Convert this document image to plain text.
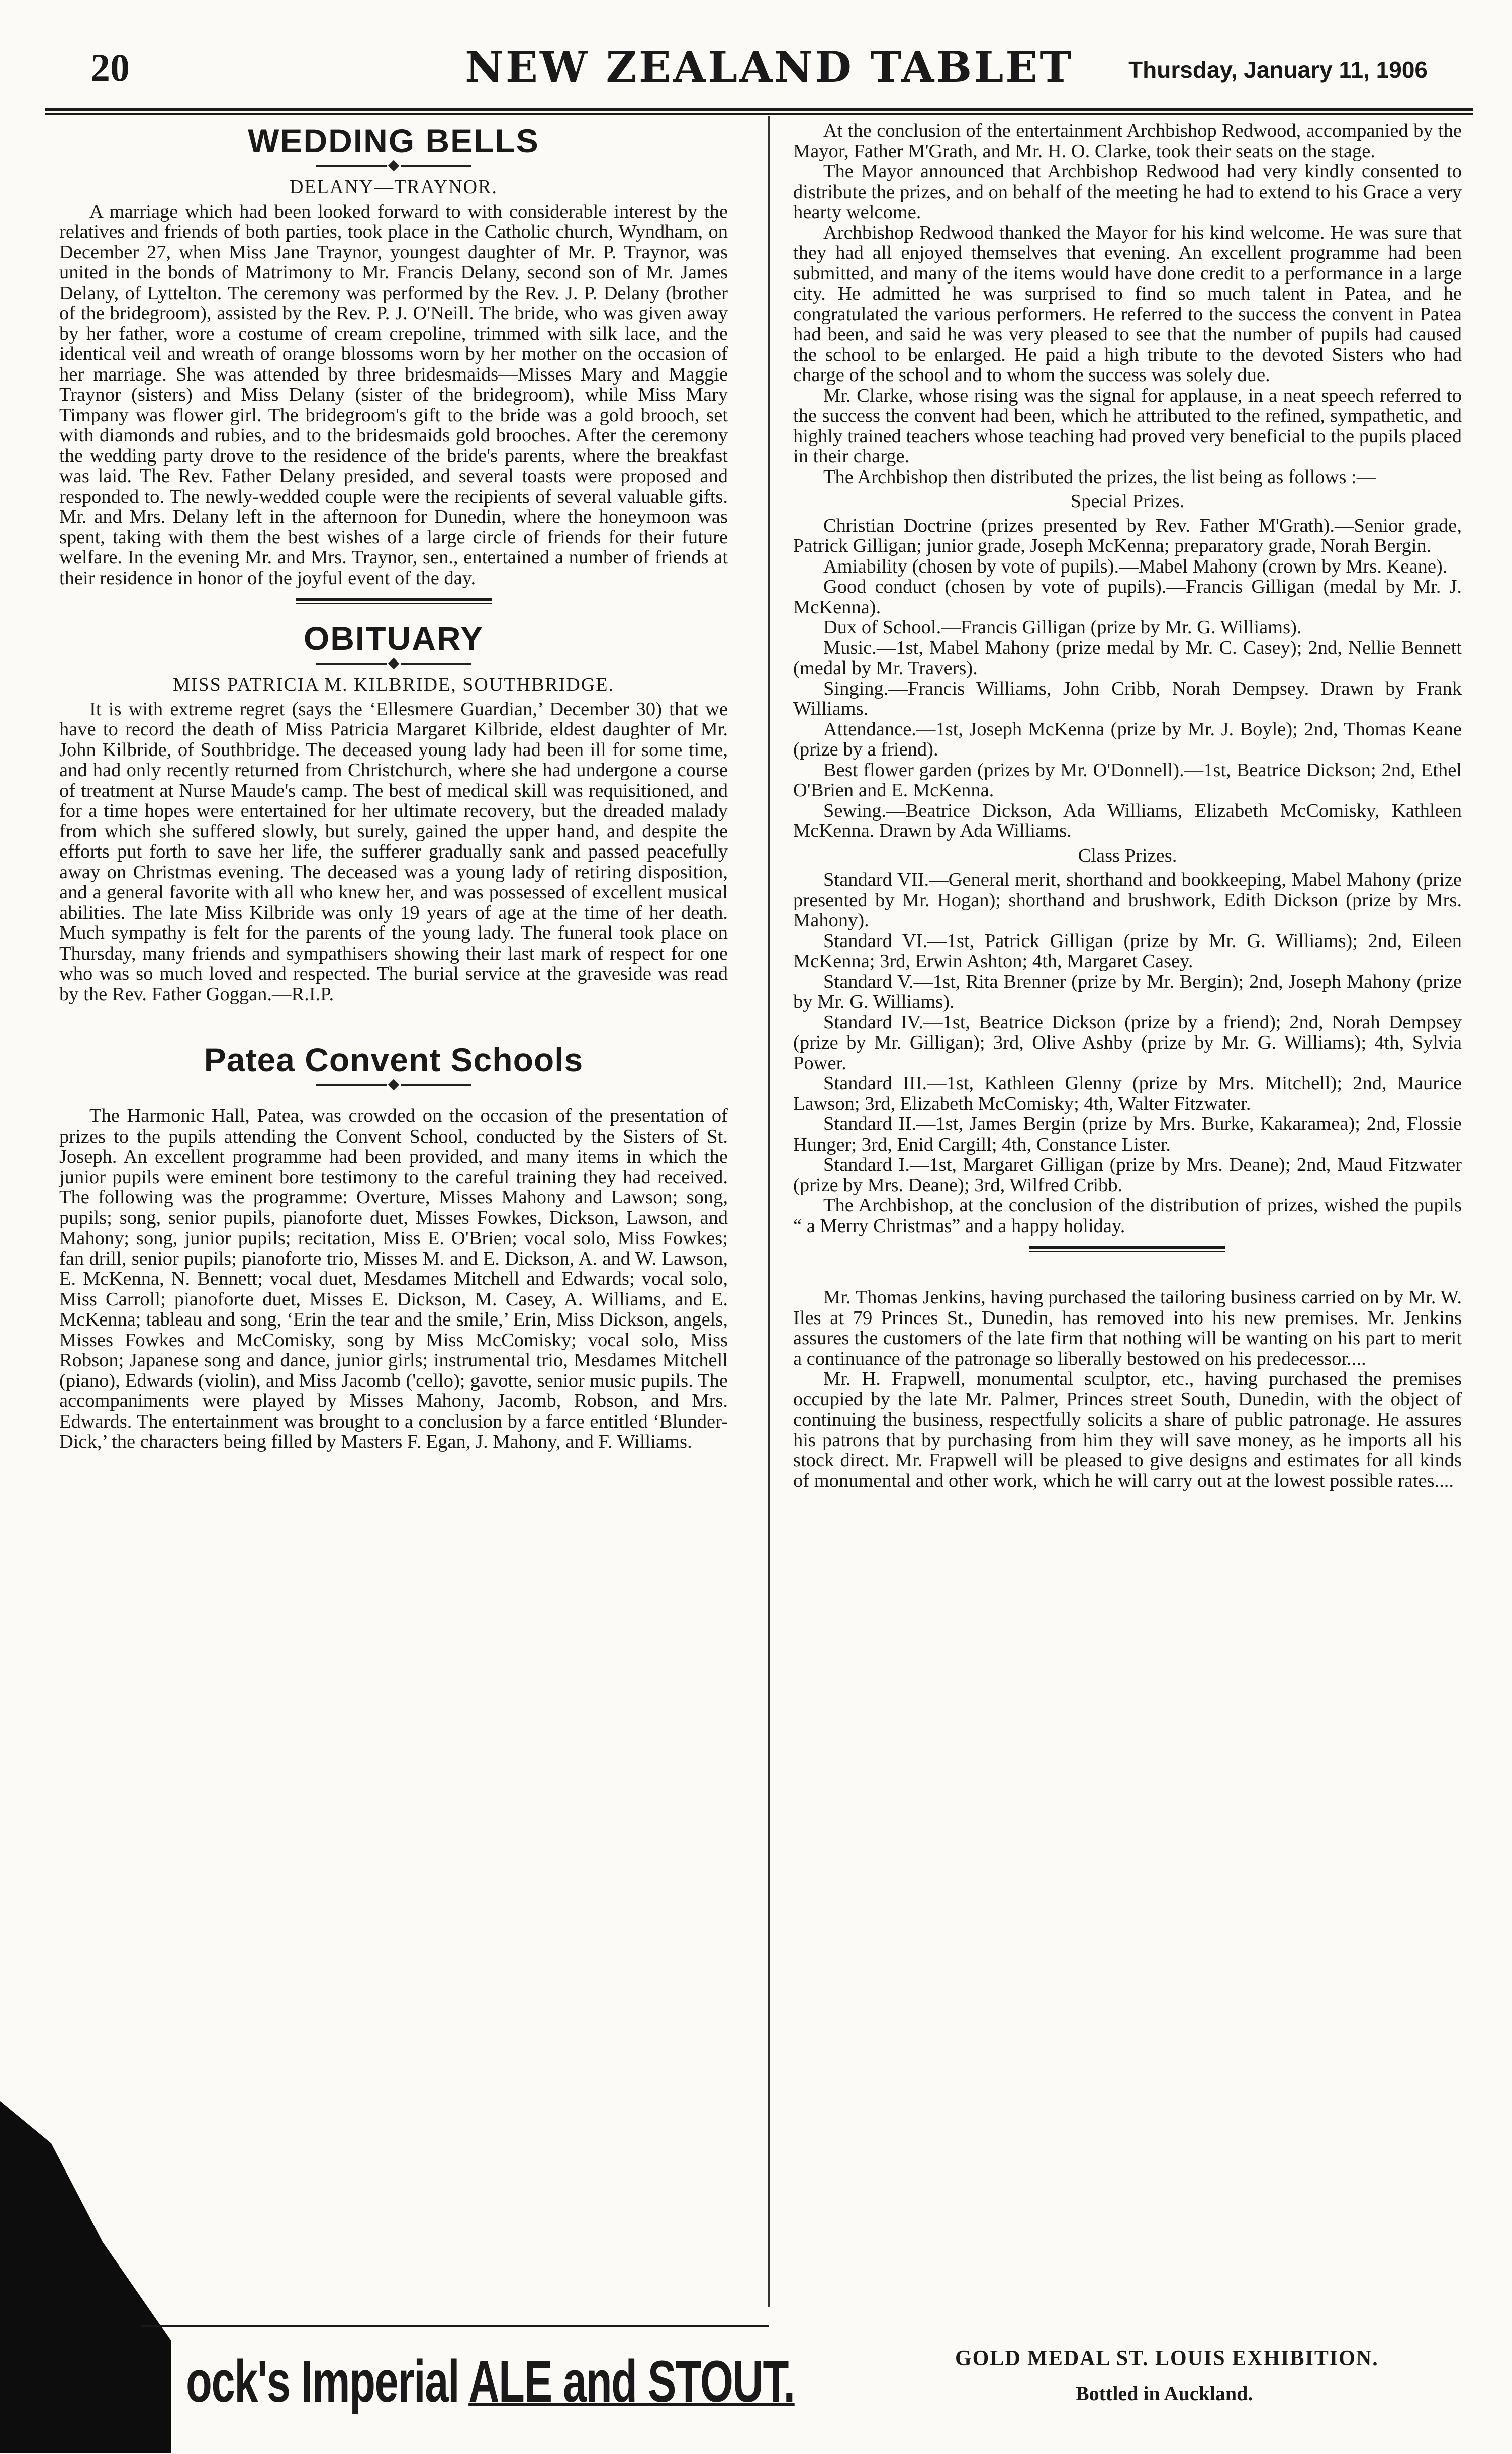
20	NEW ZEALAND TABLET	Thursday, January 11, 1906
WEDDING BELLS
DELANY—TRAYNOR.

A marriage which had been looked forward to with considerable interest by the relatives and friends of both parties, took place in the Catholic church, Wyndham, on December 27, when Miss Jane Traynor, youngest daughter of Mr. P. Traynor, was united in the bonds of Matrimony to Mr. Francis Delany, second son of Mr. James Delany, of Lyttelton. The ceremony was performed by the Rev. J. P. Delany (brother of the bridegroom), assisted by the Rev. P. J. O'Neill. The bride, who was given away by her father, wore a costume of cream crepoline, trimmed with silk lace, and the identical veil and wreath of orange blossoms worn by her mother on the occasion of her marriage. She was attended by three bridesmaids—Misses Mary and Maggie Traynor (sisters) and Miss Delany (sister of the bridegroom), while Miss Mary Timpany was flower girl. The bridegroom's gift to the bride was a gold brooch, set with diamonds and rubies, and to the bridesmaids gold brooches. After the ceremony the wedding party drove to the residence of the bride's parents, where the breakfast was laid. The Rev. Father Delany presided, and several toasts were proposed and responded to. The newly-wedded couple were the recipients of several valuable gifts. Mr. and Mrs. Delany left in the afternoon for Dunedin, where the honeymoon was spent, taking with them the best wishes of a large circle of friends for their future welfare. In the evening Mr. and Mrs. Traynor, sen., entertained a number of friends at their residence in honor of the joyful event of the day.

OBITUARY
MISS PATRICIA M. KILBRIDE, SOUTHBRIDGE.

It is with extreme regret (says the ‘Ellesmere Guardian,’ December 30) that we have to record the death of Miss Patricia Margaret Kilbride, eldest daughter of Mr. John Kilbride, of Southbridge. The deceased young lady had been ill for some time, and had only recently returned from Christchurch, where she had undergone a course of treatment at Nurse Maude's camp. The best of medical skill was requisitioned, and for a time hopes were entertained for her ultimate recovery, but the dreaded malady from which she suffered slowly, but surely, gained the upper hand, and despite the efforts put forth to save her life, the sufferer gradually sank and passed peacefully away on Christmas evening. The deceased was a young lady of retiring disposition, and a general favorite with all who knew her, and was possessed of excellent musical abilities. The late Miss Kilbride was only 19 years of age at the time of her death. Much sympathy is felt for the parents of the young lady. The funeral took place on Thursday, many friends and sympathisers showing their last mark of respect for one who was so much loved and respected. The burial service at the graveside was read by the Rev. Father Goggan.—R.I.P.

Patea Convent Schools

The Harmonic Hall, Patea, was crowded on the occasion of the presentation of prizes to the pupils attending the Convent School, conducted by the Sisters of St. Joseph. An excellent programme had been provided, and many items in which the junior pupils were eminent bore testimony to the careful training they had received. The following was the programme: Overture, Misses Mahony and Lawson; song, pupils; song, senior pupils, pianoforte duet, Misses Fowkes, Dickson, Lawson, and Mahony; song, junior pupils; recitation, Miss E. O'Brien; vocal solo, Miss Fowkes; fan drill, senior pupils; pianoforte trio, Misses M. and E. Dickson, A. and W. Lawson, E. McKenna, N. Bennett; vocal duet, Mesdames Mitchell and Edwards; vocal solo, Miss Carroll; pianoforte duet, Misses E. Dickson, M. Casey, A. Williams, and E. McKenna; tableau and song, ‘Erin the tear and the smile,’ Erin, Miss Dickson, angels, Misses Fowkes and McComisky, song by Miss McComisky; vocal solo, Miss Robson; Japanese song and dance, junior girls; instrumental trio, Mesdames Mitchell (piano), Edwards (violin), and Miss Jacomb ('cello); gavotte, senior music pupils. The accompaniments were played by Misses Mahony, Jacomb, Robson, and Mrs. Edwards. The entertainment was brought to a conclusion by a farce entitled ‘Blunder-Dick,’ the characters being filled by Masters F. Egan, J. Mahony, and F. Williams.

At the conclusion of the entertainment Archbishop Redwood, accompanied by the Mayor, Father M'Grath, and Mr. H. O. Clarke, took their seats on the stage.

The Mayor announced that Archbishop Redwood had very kindly consented to distribute the prizes, and on behalf of the meeting he had to extend to his Grace a very hearty welcome.

Archbishop Redwood thanked the Mayor for his kind welcome. He was sure that they had all enjoyed themselves that evening. An excellent programme had been submitted, and many of the items would have done credit to a performance in a large city. He admitted he was surprised to find so much talent in Patea, and he congratulated the various performers. He referred to the success the convent in Patea had been, and said he was very pleased to see that the number of pupils had caused the school to be enlarged. He paid a high tribute to the devoted Sisters who had charge of the school and to whom the success was solely due.

Mr. Clarke, whose rising was the signal for applause, in a neat speech referred to the success the convent had been, which he attributed to the refined, sympathetic, and highly trained teachers whose teaching had proved very beneficial to the pupils placed in their charge.

The Archbishop then distributed the prizes, the list being as follows :—

Special Prizes.

Christian Doctrine (prizes presented by Rev. Father M'Grath).—Senior grade, Patrick Gilligan; junior grade, Joseph McKenna; preparatory grade, Norah Bergin.

Amiability (chosen by vote of pupils).—Mabel Mahony (crown by Mrs. Keane).

Good conduct (chosen by vote of pupils).—Francis Gilligan (medal by Mr. J. McKenna).

Dux of School.—Francis Gilligan (prize by Mr. G. Williams).

Music.—1st, Mabel Mahony (prize medal by Mr. C. Casey); 2nd, Nellie Bennett (medal by Mr. Travers).

Singing.—Francis Williams, John Cribb, Norah Dempsey. Drawn by Frank Williams.

Attendance.—1st, Joseph McKenna (prize by Mr. J. Boyle); 2nd, Thomas Keane (prize by a friend).

Best flower garden (prizes by Mr. O'Donnell).—1st, Beatrice Dickson; 2nd, Ethel O'Brien and E. McKenna.

Sewing.—Beatrice Dickson, Ada Williams, Elizabeth McComisky, Kathleen McKenna. Drawn by Ada Williams.

Class Prizes.

Standard VII.—General merit, shorthand and bookkeeping, Mabel Mahony (prize presented by Mr. Hogan); shorthand and brushwork, Edith Dickson (prize by Mrs. Mahony).

Standard VI.—1st, Patrick Gilligan (prize by Mr. G. Williams); 2nd, Eileen McKenna; 3rd, Erwin Ashton; 4th, Margaret Casey.

Standard V.—1st, Rita Brenner (prize by Mr. Bergin); 2nd, Joseph Mahony (prize by Mr. G. Williams).

Standard IV.—1st, Beatrice Dickson (prize by a friend); 2nd, Norah Dempsey (prize by Mr. Gilligan); 3rd, Olive Ashby (prize by Mr. G. Williams); 4th, Sylvia Power.

Standard III.—1st, Kathleen Glenny (prize by Mrs. Mitchell); 2nd, Maurice Lawson; 3rd, Elizabeth McComisky; 4th, Walter Fitzwater.

Standard II.—1st, James Bergin (prize by Mrs. Burke, Kakaramea); 2nd, Flossie Hunger; 3rd, Enid Cargill; 4th, Constance Lister.

Standard I.—1st, Margaret Gilligan (prize by Mrs. Deane); 2nd, Maud Fitzwater (prize by Mrs. Deane); 3rd, Wilfred Cribb.

The Archbishop, at the conclusion of the distribution of prizes, wished the pupils “ a Merry Christmas” and a happy holiday.

Mr. Thomas Jenkins, having purchased the tailoring business carried on by Mr. W. Iles at 79 Princes St., Dunedin, has removed into his new premises. Mr. Jenkins assures the customers of the late firm that nothing will be wanting on his part to merit a continuance of the patronage so liberally bestowed on his predecessor....

Mr. H. Frapwell, monumental sculptor, etc., having purchased the premises occupied by the late Mr. Palmer, Princes street South, Dunedin, with the object of continuing the business, respectfully solicits a share of public patronage. He assures his patrons that by purchasing from him they will save money, as he imports all his stock direct. Mr. Frapwell will be pleased to give designs and estimates for all kinds of monumental and other work, which he will carry out at the lowest possible rates....

ock's Imperial ALE and STOUT.	GOLD MEDAL ST. LOUIS EXHIBITION.
Bottled in Auckland.
